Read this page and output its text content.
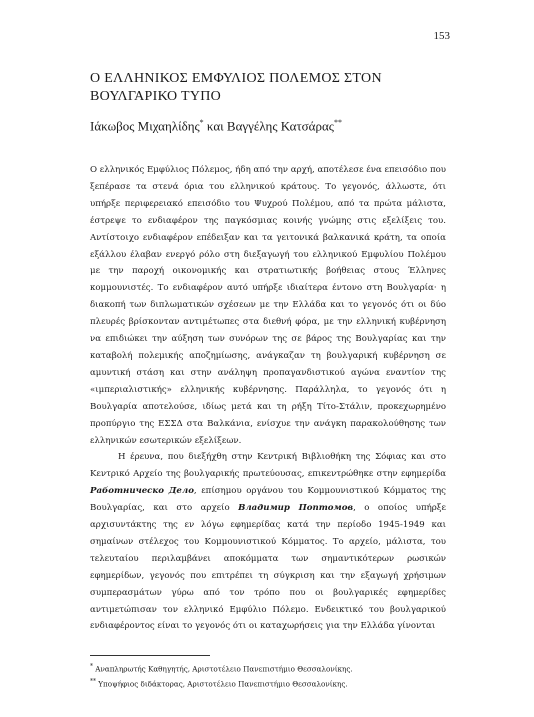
153
Ο ΕΛΛΗΝΙΚΟΣ ΕΜΦΥΛΙΟΣ ΠΟΛΕΜΟΣ ΣΤΟΝ ΒΟΥΛΓΑΡΙΚΟ ΤΥΠΟ
Ιάκωβος Μιχαηλίδης* και Βαγγέλης Κατσάρας**

Ο ελληνικός Εμφύλιος Πόλεμος, ήδη από την αρχή, αποτέλεσε ένα επεισόδιο που ξεπέρασε τα στενά όρια του ελληνικού κράτους. Το γεγονός, άλλωστε, ότι υπήρξε περιφερειακό επεισόδιο του Ψυχρού Πολέμου, από τα πρώτα μάλιστα, έστρεψε το ενδιαφέρον της παγκόσμιας κοινής γνώμης στις εξελίξεις του. Αντίστοιχο ενδιαφέρον επέδειξαν και τα γειτονικά βαλκανικά κράτη, τα οποία εξάλλου έλαβαν ενεργό ρόλο στη διεξαγωγή του ελληνικού Εμφυλίου Πολέμου με την παροχή οικονομικής και στρατιωτικής βοήθειας στους Έλληνες κομμουνιστές. Το ενδιαφέρον αυτό υπήρξε ιδιαίτερα έντονο στη Βουλγαρία· η διακοπή των διπλωματικών σχέσεων με την Ελλάδα και το γεγονός ότι οι δύο πλευρές βρίσκονταν αντιμέτωπες στα διεθνή φόρα, με την ελληνική κυβέρνηση να επιδιώκει την αύξηση των συνόρων της σε βάρος της Βουλγαρίας και την καταβολή πολεμικής αποζημίωσης, ανάγκαζαν τη βουλγαρική κυβέρνηση σε αμυντική στάση και στην ανάληψη προπαγανδιστικού αγώνα εναντίον της «ιμπεριαλιστικής» ελληνικής κυβέρνησης. Παράλληλα, το γεγονός ότι η Βουλγαρία αποτελούσε, ιδίως μετά και τη ρήξη Τίτο-Στάλιν, προκεχωρημένο προπύργιο της ΕΣΣΔ στα Βαλκάνια, ενίσχυε την ανάγκη παρακολούθησης των ελληνικών εσωτερικών εξελίξεων.

Η έρευνα, που διεξήχθη στην Κεντρική Βιβλιοθήκη της Σόφιας και στο Κεντρικό Αρχείο της βουλγαρικής πρωτεύουσας, επικεντρώθηκε στην εφημερίδα Работническо Дело, επίσημου οργάνου του Κομμουνιστικού Κόμματος της Βουλγαρίας, και στο αρχείο Владимир Поптомов, ο οποίος υπήρξε αρχισυντάκτης της εν λόγω εφημερίδας κατά την περίοδο 1945-1949 και σημαίνων στέλεχος του Κομμουνιστικού Κόμματος. Το αρχείο, μάλιστα, του τελευταίου περιλαμβάνει αποκόμματα των σημαντικότερων ρωσικών εφημερίδων, γεγονός που επιτρέπει τη σύγκριση και την εξαγωγή χρήσιμων συμπερασμάτων γύρω από τον τρόπο που οι βουλγαρικές εφημερίδες αντιμετώπισαν τον ελληνικό Εμφύλιο Πόλεμο. Ενδεικτικό του βουλγαρικού ενδιαφέροντος είναι το γεγονός ότι οι καταχωρήσεις για την Ελλάδα γίνονται

* Αναπληρωτής Καθηγητής, Αριστοτέλειο Πανεπιστήμιο Θεσσαλονίκης.
** Υποψήφιος διδάκτορας, Αριστοτέλειο Πανεπιστήμιο Θεσσαλονίκης.
